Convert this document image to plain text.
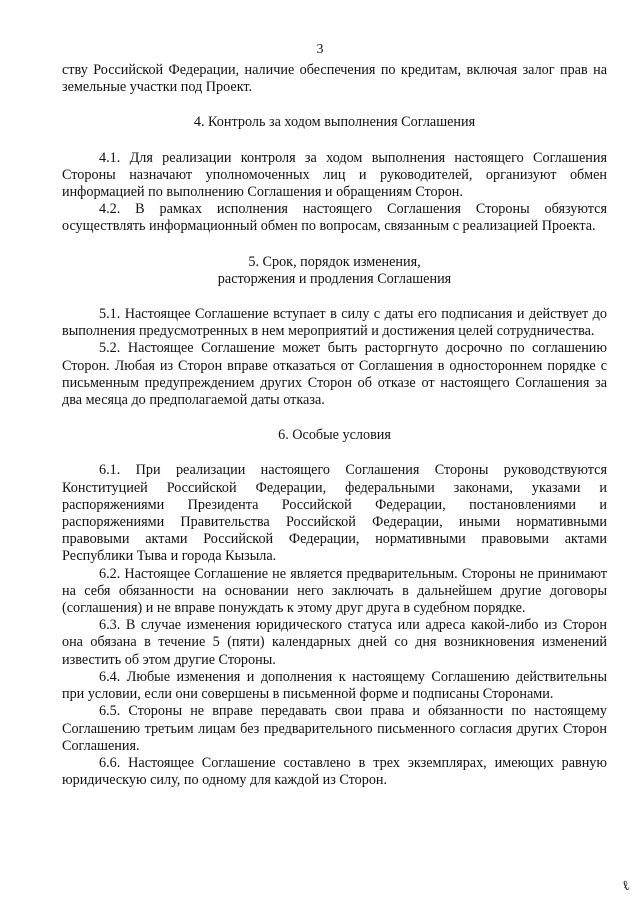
3

ству Российской Федерации, наличие обеспечения по кредитам, включая залог прав на земельные участки под Проект.

4. Контроль за ходом выполнения Соглашения

4.1. Для реализации контроля за ходом выполнения настоящего Соглашения Стороны назначают уполномоченных лиц и руководителей, организуют обмен информацией по выполнению Соглашения и обращениям Сторон.

4.2. В рамках исполнения настоящего Соглашения Стороны обязуются осуществлять информационный обмен по вопросам, связанным с реализацией Проекта.

5. Срок, порядок изменения,
расторжения и продления Соглашения

5.1. Настоящее Соглашение вступает в силу с даты его подписания и действует до выполнения предусмотренных в нем мероприятий и достижения целей сотрудничества.

5.2. Настоящее Соглашение может быть расторгнуто досрочно по соглашению Сторон. Любая из Сторон вправе отказаться от Соглашения в одностороннем порядке с письменным предупреждением других Сторон об отказе от настоящего Соглашения за два месяца до предполагаемой даты отказа.

6. Особые условия

6.1. При реализации настоящего Соглашения Стороны руководствуются Конституцией Российской Федерации, федеральными законами, указами и распоряжениями Президента Российской Федерации, постановлениями и распоряжениями Правительства Российской Федерации, иными нормативными правовыми актами Российской Федерации, нормативными правовыми актами Республики Тыва и города Кызыла.

6.2. Настоящее Соглашение не является предварительным. Стороны не принимают на себя обязанности на основании него заключать в дальнейшем другие договоры (соглашения) и не вправе понуждать к этому друг друга в судебном порядке.

6.3. В случае изменения юридического статуса или адреса какой-либо из Сторон она обязана в течение 5 (пяти) календарных дней со дня возникновения изменений известить об этом другие Стороны.

6.4. Любые изменения и дополнения к настоящему Соглашению действительны при условии, если они совершены в письменной форме и подписаны Сторонами.

6.5. Стороны не вправе передавать свои права и обязанности по настоящему Соглашению третьим лицам без предварительного письменного согласия других Сторон Соглашения.

6.6. Настоящее Соглашение составлено в трех экземплярах, имеющих равную юридическую силу, по одному для каждой из Сторон.

ℓ
